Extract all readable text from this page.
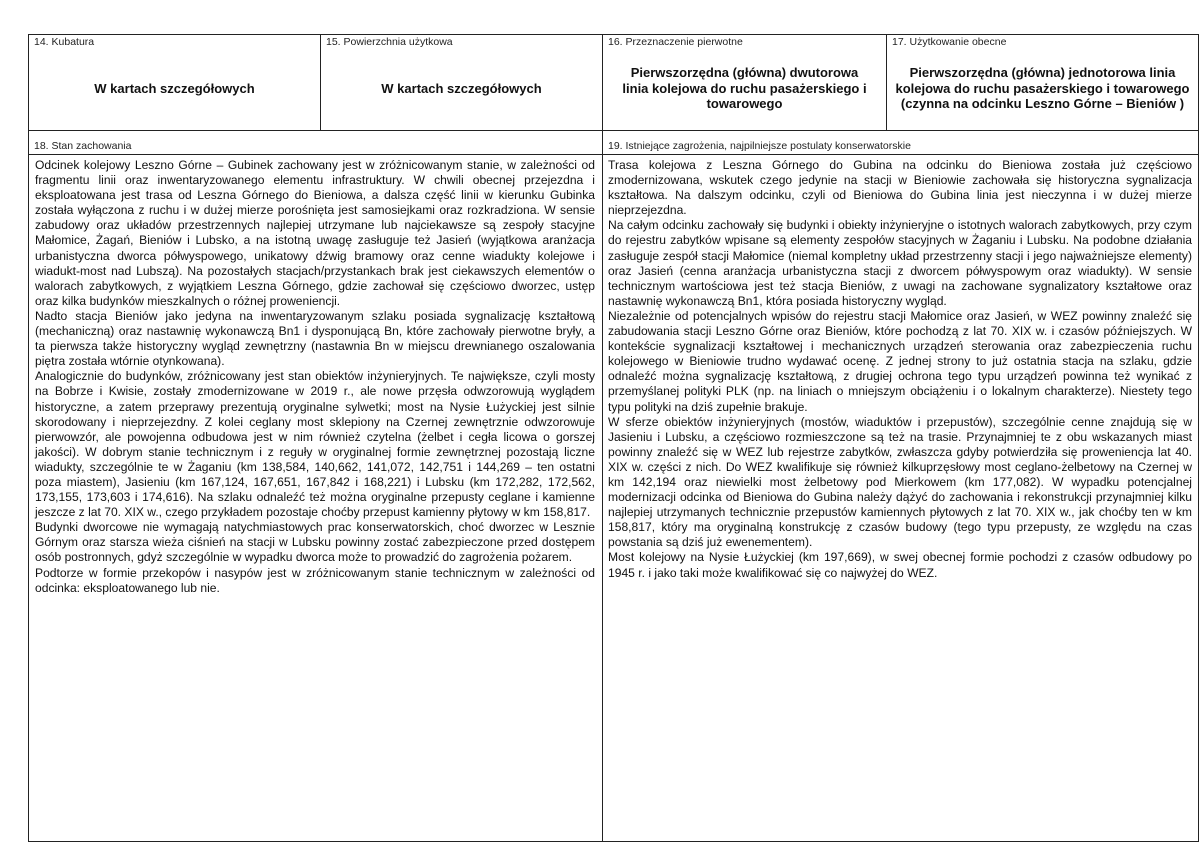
14. Kubatura
W kartach szczegółowych
15. Powierzchnia użytkowa
W kartach szczegółowych
16. Przeznaczenie pierwotne
Pierwszorzędna (główna) dwutorowa linia kolejowa do ruchu pasażerskiego i towarowego
17. Użytkowanie obecne
Pierwszorzędna (główna) jednotorowa linia kolejowa do ruchu pasażerskiego i towarowego (czynna na odcinku Leszno Górne – Bieniów )
18. Stan zachowania

Odcinek kolejowy Leszno Górne – Gubinek zachowany jest w zróżnicowanym stanie, w zależności od fragmentu linii oraz inwentaryzowanego elementu infrastruktury. W chwili obecnej przejezdna i eksploatowana jest trasa od Leszna Górnego do Bieniowa, a dalsza część linii w kierunku Gubinka została wyłączona z ruchu i w dużej mierze porośnięta jest samosiejkami oraz rozkradziona. W sensie zabudowy oraz układów przestrzennych najlepiej utrzymane lub najciekawsze są zespoły stacyjne Małomice, Żagań, Bieniów i Lubsko, a na istotną uwagę zasługuje też Jasień (wyjątkowa aranżacja urbanistyczna dworca półwyspowego, unikatowy dźwig bramowy oraz cenne wiadukty kolejowe i wiadukt-most nad Lubszą). Na pozostałych stacjach/przystankach brak jest ciekawszych elementów o walorach zabytkowych, z wyjątkiem Leszna Górnego, gdzie zachował się częściowo dworzec, ustęp oraz kilka budynków mieszkalnych o różnej proweniencji.

Nadto stacja Bieniów jako jedyna na inwentaryzowanym szlaku posiada sygnalizację kształtową (mechaniczną) oraz nastawnię wykonawczą Bn1 i dysponującą Bn, które zachowały pierwotne bryły, a ta pierwsza także historyczny wygląd zewnętrzny (nastawnia Bn w miejscu drewnianego oszalowania piętra została wtórnie otynkowana).

Analogicznie do budynków, zróżnicowany jest stan obiektów inżynieryjnych. Te największe, czyli mosty na Bobrze i Kwisie, zostały zmodernizowane w 2019 r., ale nowe przęsła odwzorowują wyglądem historyczne, a zatem przeprawy prezentują oryginalne sylwetki; most na Nysie Łużyckiej jest silnie skorodowany i nieprzejezdny. Z kolei ceglany most sklepiony na Czernej zewnętrznie odwzorowuje pierwowzór, ale powojenna odbudowa jest w nim również czytelna (żelbet i cegła licowa o gorszej jakości). W dobrym stanie technicznym i z reguły w oryginalnej formie zewnętrznej pozostają liczne wiadukty, szczególnie te w Żaganiu (km 138,584, 140,662, 141,072, 142,751 i 144,269 – ten ostatni poza miastem), Jasieniu (km 167,124, 167,651, 167,842 i 168,221) i Lubsku (km 172,282, 172,562, 173,155, 173,603 i 174,616). Na szlaku odnaleźć też można oryginalne przepusty ceglane i kamienne jeszcze z lat 70. XIX w., czego przykładem pozostaje choćby przepust kamienny płytowy w km 158,817.

Budynki dworcowe nie wymagają natychmiastowych prac konserwatorskich, choć dworzec w Lesznie Górnym oraz starsza wieża ciśnień na stacji w Lubsku powinny zostać zabezpieczone przed dostępem osób postronnych, gdyż szczególnie w wypadku dworca może to prowadzić do zagrożenia pożarem.

Podtorze w formie przekopów i nasypów jest w zróżnicowanym stanie technicznym w zależności od odcinka: eksploatowanego lub nie.

19. Istniejące zagrożenia, najpilniejsze postulaty konserwatorskie

Trasa kolejowa z Leszna Górnego do Gubina na odcinku do Bieniowa została już częściowo zmodernizowana, wskutek czego jedynie na stacji w Bieniowie zachowała się historyczna sygnalizacja kształtowa. Na dalszym odcinku, czyli od Bieniowa do Gubina linia jest nieczynna i w dużej mierze nieprzejezdna.

Na całym odcinku zachowały się budynki i obiekty inżynieryjne o istotnych walorach zabytkowych, przy czym do rejestru zabytków wpisane są elementy zespołów stacyjnych w Żaganiu i Lubsku. Na podobne działania zasługuje zespół stacji Małomice (niemal kompletny układ przestrzenny stacji i jego najważniejsze elementy) oraz Jasień (cenna aranżacja urbanistyczna stacji z dworcem półwyspowym oraz wiadukty). W sensie technicznym wartościowa jest też stacja Bieniów, z uwagi na zachowane sygnalizatory kształtowe oraz nastawnię wykonawczą Bn1, która posiada historyczny wygląd.

Niezależnie od potencjalnych wpisów do rejestru stacji Małomice oraz Jasień, w WEZ powinny znaleźć się zabudowania stacji Leszno Górne oraz Bieniów, które pochodzą z lat 70. XIX w. i czasów późniejszych. W kontekście sygnalizacji kształtowej i mechanicznych urządzeń sterowania oraz zabezpieczenia ruchu kolejowego w Bieniowie trudno wydawać ocenę. Z jednej strony to już ostatnia stacja na szlaku, gdzie odnaleźć można sygnalizację kształtową, z drugiej ochrona tego typu urządzeń powinna też wynikać z przemyślanej polityki PLK (np. na liniach o mniejszym obciążeniu i o lokalnym charakterze). Niestety tego typu polityki na dziś zupełnie brakuje.

W sferze obiektów inżynieryjnych (mostów, wiaduktów i przepustów), szczególnie cenne znajdują się w Jasieniu i Lubsku, a częściowo rozmieszczone są też na trasie. Przynajmniej te z obu wskazanych miast powinny znaleźć się w WEZ lub rejestrze zabytków, zwłaszcza gdyby potwierdziła się proweniencja lat 40. XIX w. części z nich. Do WEZ kwalifikuje się również kilkuprzęsłowy most ceglano-żelbetowy na Czernej w km 142,194 oraz niewielki most żelbetowy pod Mierkowem (km 177,082). W wypadku potencjalnej modernizacji odcinka od Bieniowa do Gubina należy dążyć do zachowania i rekonstrukcji przynajmniej kilku najlepiej utrzymanych technicznie przepustów kamiennych płytowych z lat 70. XIX w., jak choćby ten w km 158,817, który ma oryginalną konstrukcję z czasów budowy (tego typu przepusty, ze względu na czas powstania są dziś już ewenementem).

Most kolejowy na Nysie Łużyckiej (km 197,669), w swej obecnej formie pochodzi z czasów odbudowy po 1945 r. i jako taki może kwalifikować się co najwyżej do WEZ.
